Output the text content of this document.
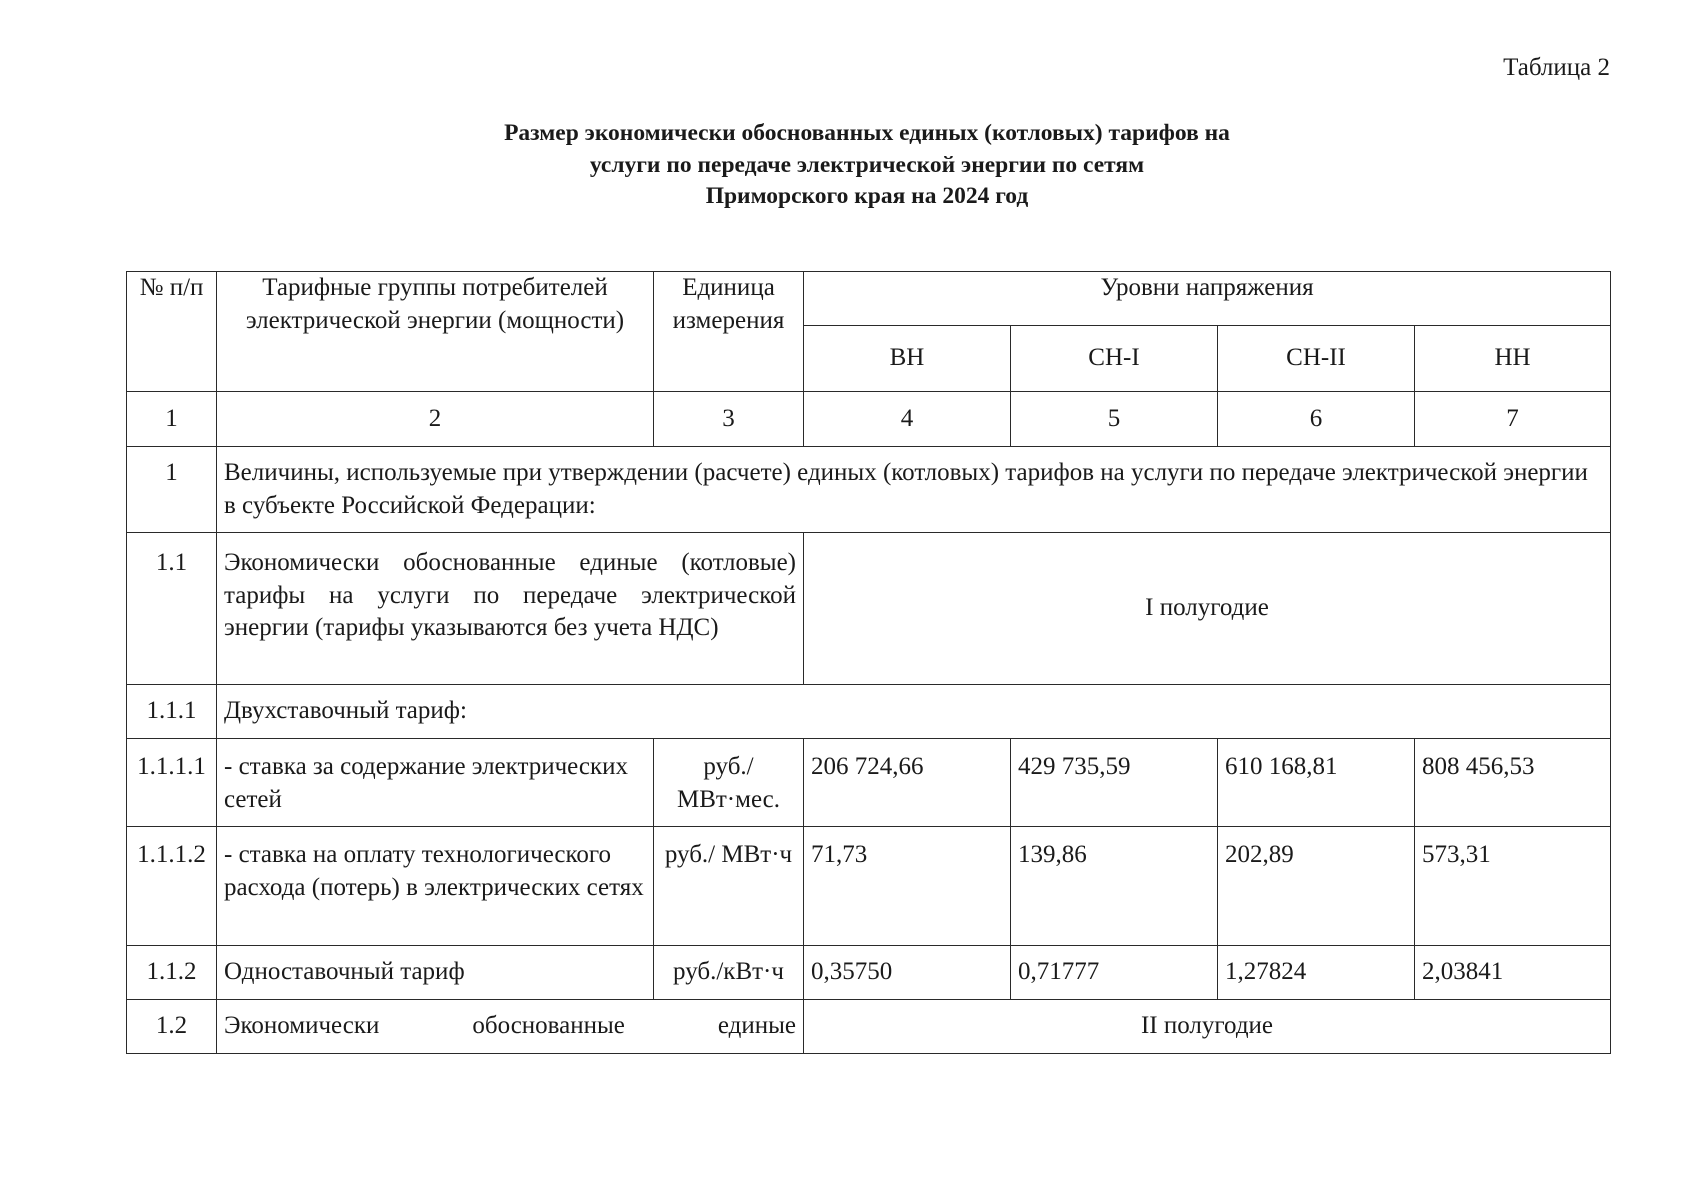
Таблица 2
Размер экономически обоснованных единых (котловых) тарифов на
услуги по передаче электрической энергии по сетям
Приморского края на 2024 год
№ п/п	Тарифные группы потребителей электрической энергии (мощности)	Единица измерения	Уровни напряжения			
			ВН	СН-I	СН-II	НН
1	2	3	4	5	6	7
1	Величины, используемые при утверждении (расчете) единых (котловых) тарифов на услуги по передаче электрической энергии в субъекте Российской Федерации:					
1.1	Экономически обоснованные единые (котловые) тарифы на услуги по передаче электрической энергии (тарифы указываются без учета НДС)		I полугодие			
1.1.1	Двухставочный тариф:					
1.1.1.1	- ставка за содержание электрических сетей	руб./ МВт·мес.	206 724,66	429 735,59	610 168,81	808 456,53
1.1.1.2	- ставка на оплату технологического расхода (потерь) в электрических сетях	руб./ МВт·ч	71,73	139,86	202,89	573,31
1.1.2	Одноставочный тариф	руб./кВт·ч	0,35750	0,71777	1,27824	2,03841
1.2	Экономически обоснованные единые		II полугодие			
